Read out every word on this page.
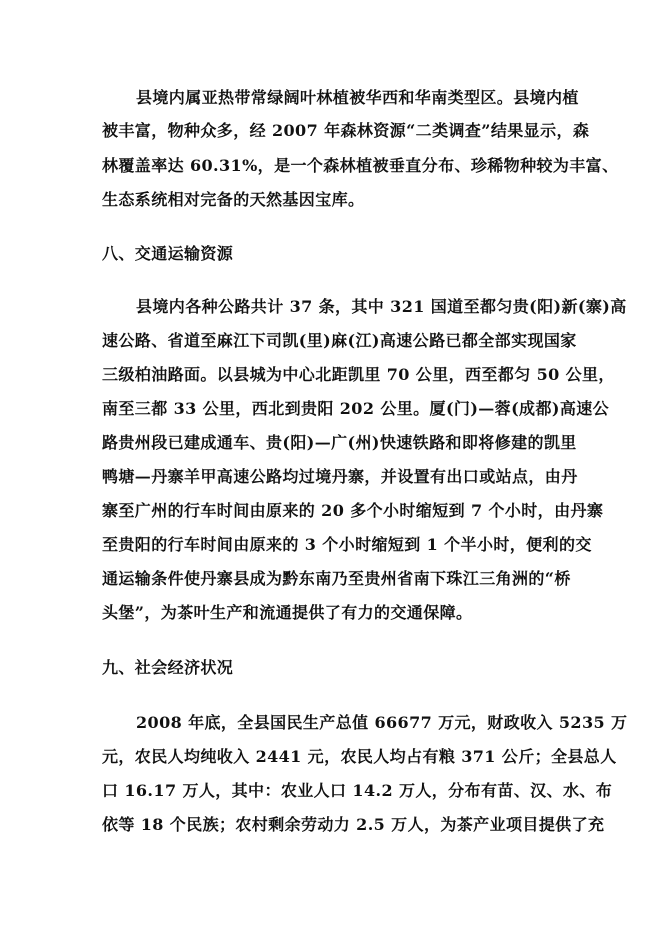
县境内属亚热带常绿阔叶林植被华西和华南类型区。县境内植
被丰富，物种众多，经 2007 年森林资源“二类调查”结果显示，森
林覆盖率达 60.31%，是一个森林植被垂直分布、珍稀物种较为丰富、
生态系统相对完备的天然基因宝库。
八、交通运输资源
县境内各种公路共计 37 条，其中 321 国道至都匀贵(阳)新(寨)高
速公路、省道至麻江下司凯(里)麻(江)高速公路已都全部实现国家
三级柏油路面。以县城为中心北距凯里 70 公里，西至都匀 50 公里，
南至三都 33 公里，西北到贵阳 202 公里。厦(门)—蓉(成都)高速公
路贵州段已建成通车、贵(阳)—广(州)快速铁路和即将修建的凯里
鸭塘—丹寨羊甲高速公路均过境丹寨，并设置有出口或站点，由丹
寨至广州的行车时间由原来的 20 多个小时缩短到 7 个小时，由丹寨
至贵阳的行车时间由原来的 3 个小时缩短到 1 个半小时，便利的交
通运输条件使丹寨县成为黔东南乃至贵州省南下珠江三角洲的“桥
头堡”，为茶叶生产和流通提供了有力的交通保障。
九、社会经济状况
2008 年底，全县国民生产总值 66677 万元，财政收入 5235 万
元，农民人均纯收入 2441 元，农民人均占有粮 371 公斤；全县总人
口 16.17 万人，其中：农业人口 14.2 万人，分布有苗、汉、水、布
依等 18 个民族；农村剩余劳动力 2.5 万人，为茶产业项目提供了充
